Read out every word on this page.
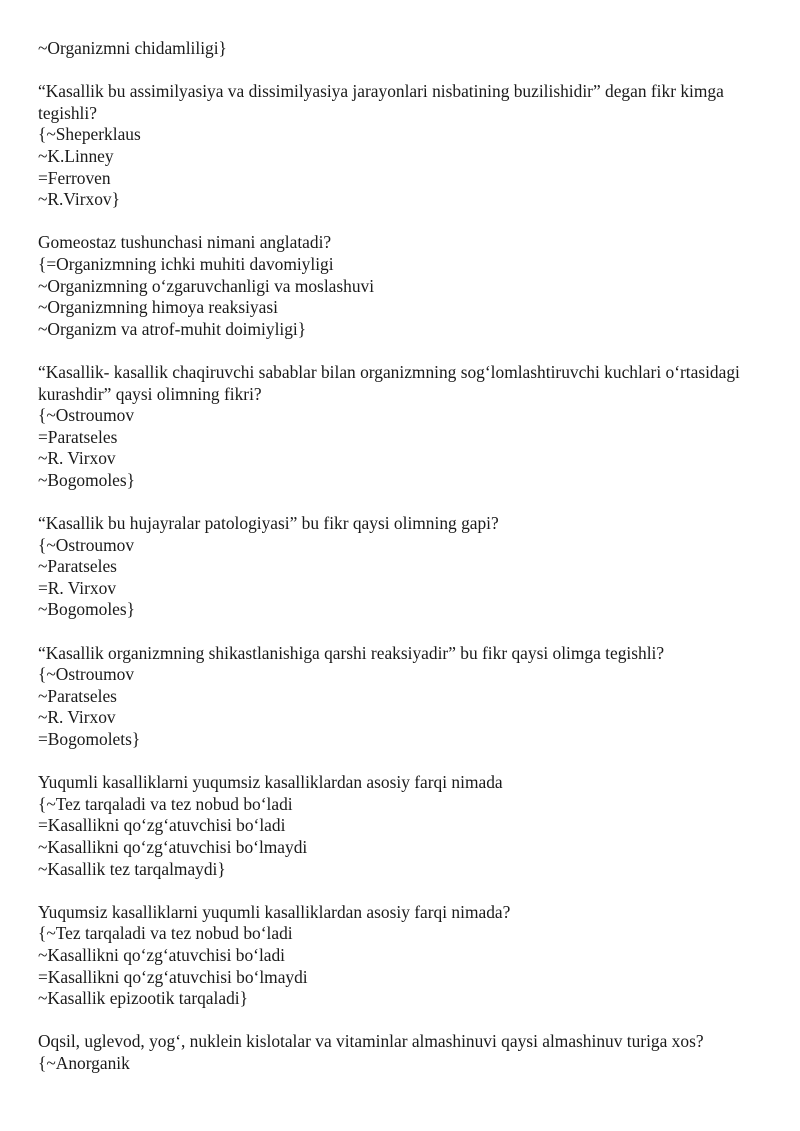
~Organizmni chidamliligi}
“Kasallik bu assimilyasiya va dissimilyasiya jarayonlari nisbatining buzilishidir” degan fikr kimga tegishli?
{~Sheperklaus
~K.Linney
=Ferroven
~R.Virxov}
Gomeostaz tushunchasi nimani anglatadi?
{=Organizmning ichki muhiti davomiyligi
~Organizmning o‘zgaruvchanligi va moslashuvi
~Organizmning himoya reaksiyasi
~Organizm va atrof-muhit doimiyligi}
“Kasallik- kasallik chaqiruvchi sabablar bilan organizmning sog‘lomlashtiruvchi kuchlari o‘rtasidagi kurashdir” qaysi olimning fikri?
{~Ostroumov
=Paratseles
~R. Virxov
~Bogomoles}
“Kasallik bu hujayralar patologiyasi” bu fikr qaysi olimning gapi?
{~Ostroumov
~Paratseles
=R. Virxov
~Bogomoles}
“Kasallik organizmning shikastlanishiga qarshi reaksiyadir” bu fikr qaysi olimga tegishli?
{~Ostroumov
~Paratseles
~R. Virxov
=Bogomolets}
Yuqumli kasalliklarni yuqumsiz kasalliklardan asosiy farqi nimada
{~Tez tarqaladi va tez nobud bo‘ladi
=Kasallikni qo‘zg‘atuvchisi bo‘ladi
~Kasallikni qo‘zg‘atuvchisi bo‘lmaydi
~Kasallik tez tarqalmaydi}
Yuqumsiz kasalliklarni yuqumli kasalliklardan asosiy farqi nimada?
{~Tez tarqaladi va tez nobud bo‘ladi
~Kasallikni qo‘zg‘atuvchisi bo‘ladi
=Kasallikni qo‘zg‘atuvchisi bo‘lmaydi
~Kasallik epizootik tarqaladi}
Oqsil, uglevod, yog‘, nuklein kislotalar va vitaminlar almashinuvi qaysi almashinuv turiga xos?
{~Anorganik
